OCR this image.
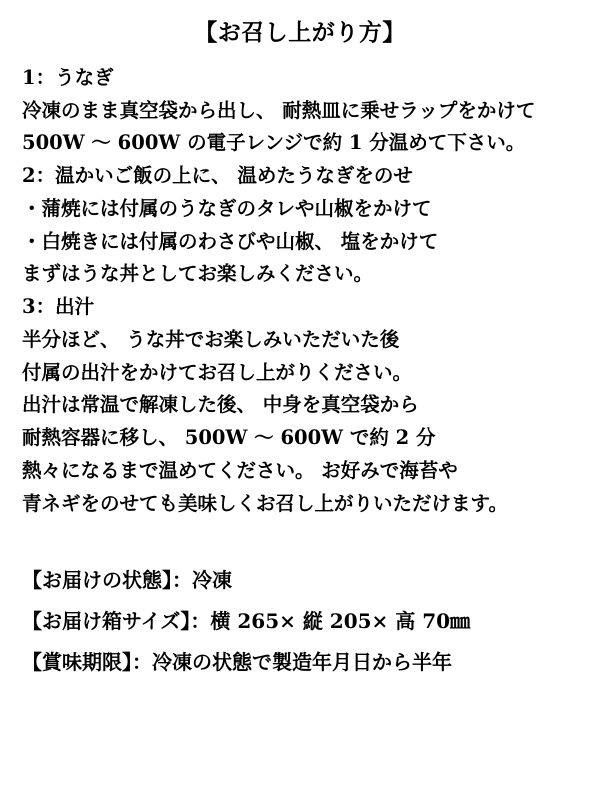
【お召し上がり方】
1：うなぎ
冷凍のまま真空袋から出し、 耐熱皿に乗せラップをかけて
500W 〜 600W の電子レンジで約 1 分温めて下さい。
2：温かいご飯の上に、 温めたうなぎをのせ
・蒲焼には付属のうなぎのタレや山椒をかけて
・白焼きには付属のわさびや山椒、 塩をかけて
まずはうな丼としてお楽しみください。
3：出汁
半分ほど、 うな丼でお楽しみいただいた後
付属の出汁をかけてお召し上がりください。
出汁は常温で解凍した後、 中身を真空袋から
耐熱容器に移し、 500W 〜 600W で約 2 分
熱々になるまで温めてください。 お好みで海苔や
青ネギをのせても美味しくお召し上がりいただけます。
【お届けの状態】：冷凍
【お届け箱サイズ】：横 265× 縦 205× 高 70㎜
【賞味期限】：冷凍の状態で製造年月日から半年
